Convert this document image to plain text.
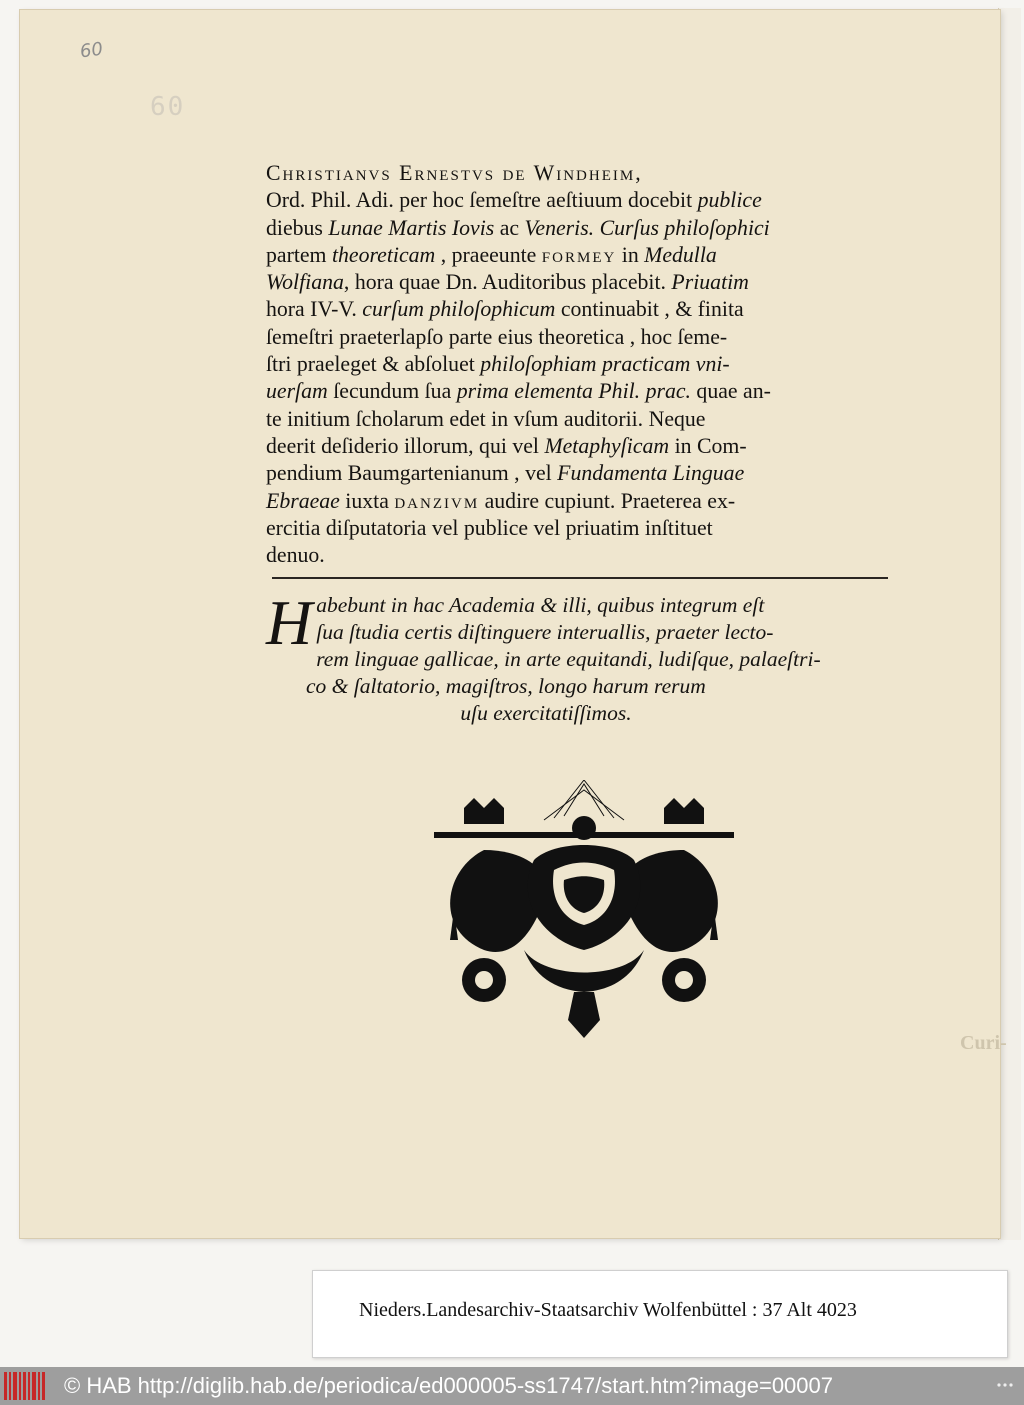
60
60
Christianvs Ernestvs de Windheim,
Ord. Phil. Adi. per hoc ſemeſtre aeſtiuum docebit publice
diebus Lunae Martis Iovis ac Veneris. Curſus philoſophici
partem theoreticam , praeeunte formey in Medulla
Wolfiana, hora quae Dn. Auditoribus placebit. Priuatim
hora IV-V. curſum philoſophicum continuabit , & finita
ſemeſtri praeterlapſo parte eius theoretica , hoc ſeme-
ſtri praeleget & abſoluet philoſophiam practicam vni-
uerſam ſecundum ſua prima elementa Phil. prac. quae an-
te initium ſcholarum edet in vſum auditorii. Neque
deerit deſiderio illorum, qui vel Metaphyſicam in Com-
pendium Baumgartenianum , vel Fundamenta Linguae
Ebraeae iuxta danzivm audire cupiunt. Praeterea ex-
ercitia diſputatoria vel publice vel priuatim inſtituet
denuo.
H abebunt in hac Academia & illi, quibus integrum eſt
ſua ſtudia certis diſtinguere interuallis, praeter lecto-
rem linguae gallicae, in arte equitandi, ludiſque, palaeſtri-
co & ſaltatorio, magiſtros, longo harum rerum
uſu exercitatiſſimos.
Curi-
Nieders.Landesarchiv-Staatsarchiv Wolfenbüttel : 37 Alt 4023
© HAB http://diglib.hab.de/periodica/ed000005-ss1747/start.htm?image=00007
